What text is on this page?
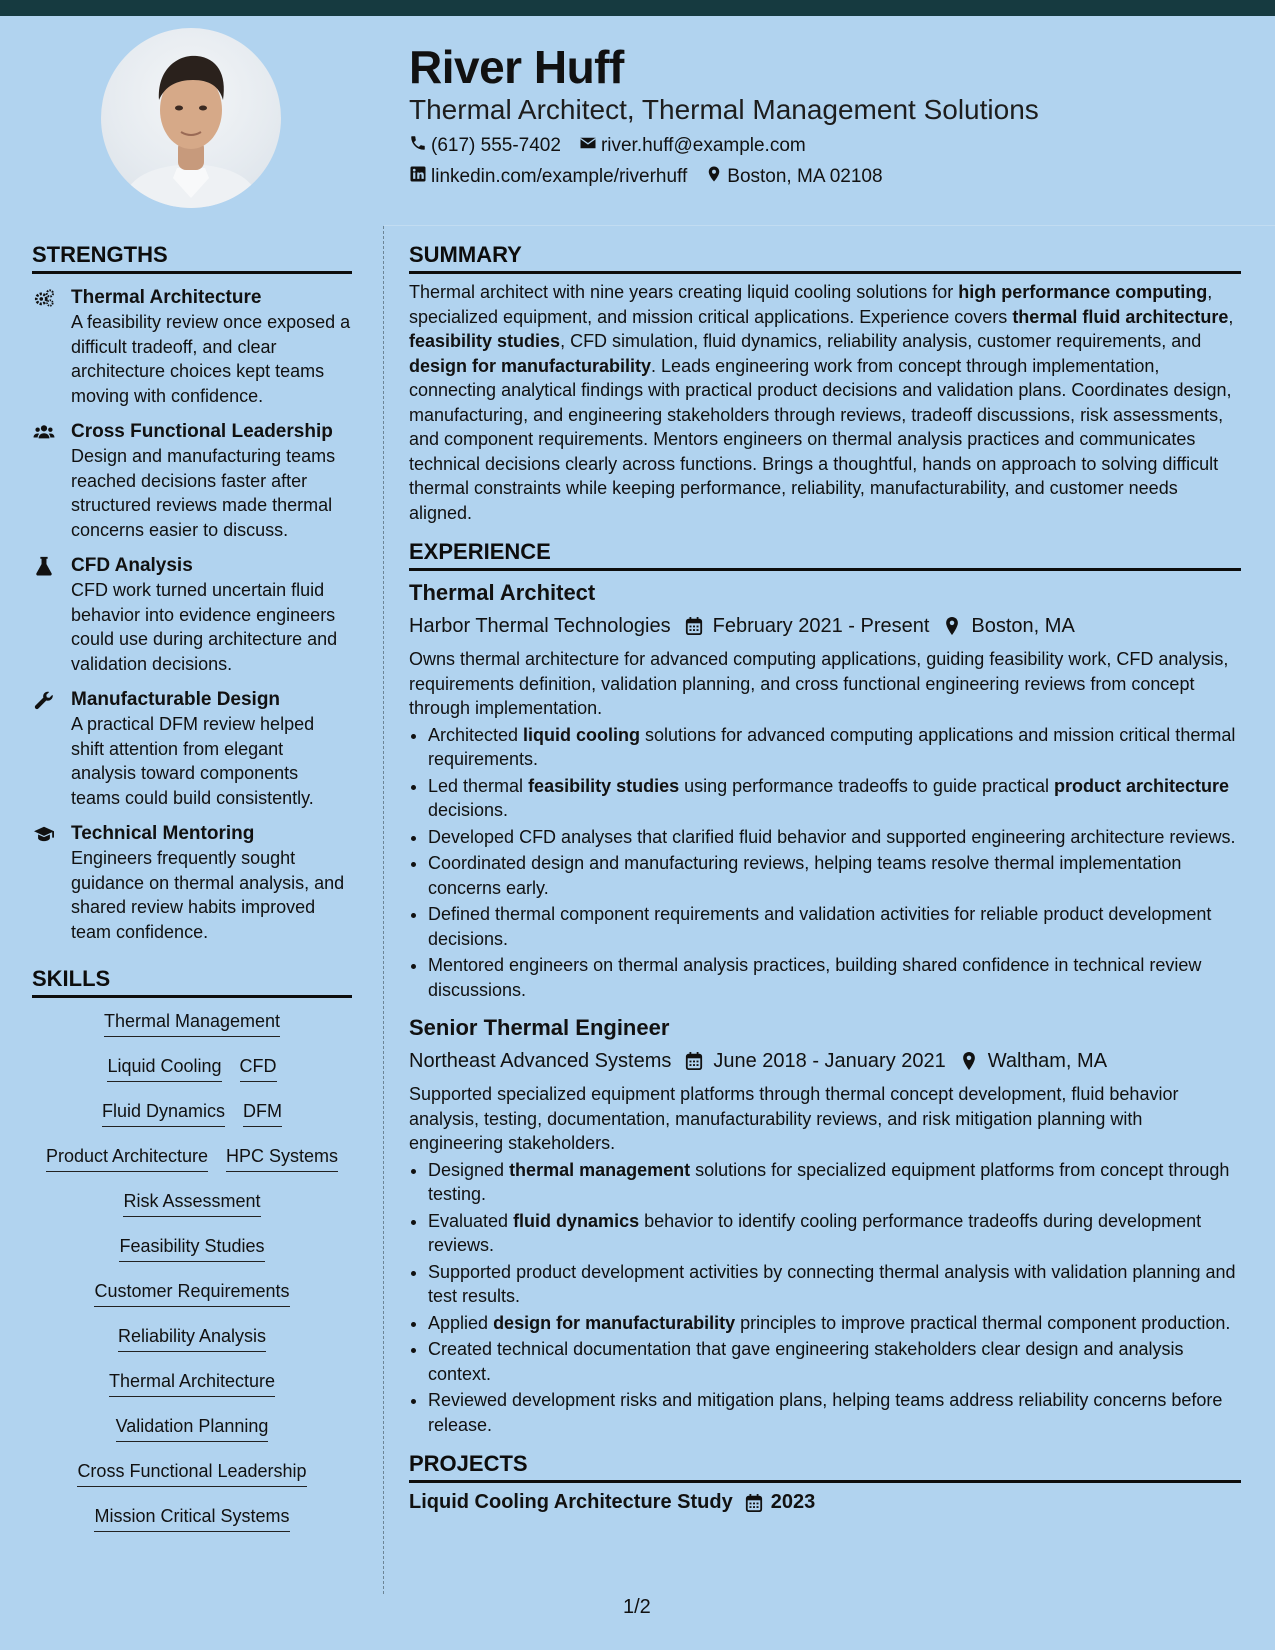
River Huff
Thermal Architect, Thermal Management Solutions
(617) 555-7402 river.huff@example.com
linkedin.com/example/riverhuff Boston, MA 02108
STRENGTHS
Thermal Architecture
A feasibility review once exposed a difficult tradeoff, and clear architecture choices kept teams moving with confidence.
Cross Functional Leadership
Design and manufacturing teams reached decisions faster after structured reviews made thermal concerns easier to discuss.
CFD Analysis
CFD work turned uncertain fluid behavior into evidence engineers could use during architecture and validation decisions.
Manufacturable Design
A practical DFM review helped shift attention from elegant analysis toward components teams could build consistently.
Technical Mentoring
Engineers frequently sought guidance on thermal analysis, and shared review habits improved team confidence.
SKILLS
Thermal Management
Liquid Cooling CFD
Fluid Dynamics DFM
Product Architecture HPC Systems
Risk Assessment
Feasibility Studies
Customer Requirements
Reliability Analysis
Thermal Architecture
Validation Planning
Cross Functional Leadership
Mission Critical Systems
SUMMARY

Thermal architect with nine years creating liquid cooling solutions for high performance computing, specialized equipment, and mission critical applications. Experience covers thermal fluid architecture, feasibility studies, CFD simulation, fluid dynamics, reliability analysis, customer requirements, and design for manufacturability. Leads engineering work from concept through implementation, connecting analytical findings with practical product decisions and validation plans. Coordinates design, manufacturing, and engineering stakeholders through reviews, tradeoff discussions, risk assessments, and component requirements. Mentors engineers on thermal analysis practices and communicates technical decisions clearly across functions. Brings a thoughtful, hands on approach to solving difficult thermal constraints while keeping performance, reliability, manufacturability, and customer needs aligned.

EXPERIENCE
Thermal Architect
Harbor Thermal Technologies February 2021 - Present Boston, MA
Owns thermal architecture for advanced computing applications, guiding feasibility work, CFD analysis, requirements definition, validation planning, and cross functional engineering reviews from concept through implementation.
• Architected liquid cooling solutions for advanced computing applications and mission critical thermal requirements.
• Led thermal feasibility studies using performance tradeoffs to guide practical product architecture decisions.
• Developed CFD analyses that clarified fluid behavior and supported engineering architecture reviews.
• Coordinated design and manufacturing reviews, helping teams resolve thermal implementation concerns early.
• Defined thermal component requirements and validation activities for reliable product development decisions.
• Mentored engineers on thermal analysis practices, building shared confidence in technical review discussions.
Senior Thermal Engineer
Northeast Advanced Systems June 2018 - January 2021 Waltham, MA
Supported specialized equipment platforms through thermal concept development, fluid behavior analysis, testing, documentation, manufacturability reviews, and risk mitigation planning with engineering stakeholders.
• Designed thermal management solutions for specialized equipment platforms from concept through testing.
• Evaluated fluid dynamics behavior to identify cooling performance tradeoffs during development reviews.
• Supported product development activities by connecting thermal analysis with validation planning and test results.
• Applied design for manufacturability principles to improve practical thermal component production.
• Created technical documentation that gave engineering stakeholders clear design and analysis context.
• Reviewed development risks and mitigation plans, helping teams address reliability concerns before release.
PROJECTS
Liquid Cooling Architecture Study 2023
1/2
